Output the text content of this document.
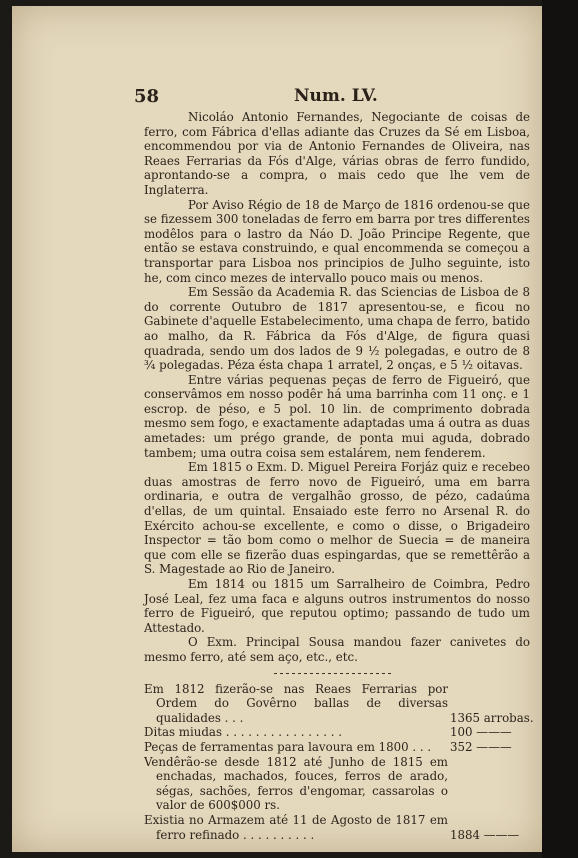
58	Num. LV.

Nicoláo Antonio Fernandes, Negociante de coisas de ferro, com Fábrica d'ellas adiante das Cruzes da Sé em Lisboa, encommendou por via de Antonio Fernandes de Oliveira, nas Reaes Ferrarias da Fós d'Alge, várias obras de ferro fundido, aprontando-se a compra, o mais cedo que lhe vem de Inglaterra.

Por Aviso Régio de 18 de Março de 1816 ordenou-se que se fizessem 300 toneladas de ferro em barra por tres differentes modêlos para o lastro da Náo D. João Principe Regente, que então se estava construindo, e qual encommenda se começou a transportar para Lisboa nos principios de Julho seguinte, isto he, com cinco mezes de intervallo pouco mais ou menos.

Em Sessão da Academia R. das Sciencias de Lisboa de 8 do corrente Outubro de 1817 apresentou-se, e ficou no Gabinete d'aquelle Estabelecimento, uma chapa de ferro, batido ao malho, da R. Fábrica da Fós d'Alge, de figura quasi quadrada, sendo um dos lados de 9 ½ polegadas, e outro de 8 ¾ polegadas. Péza ésta chapa 1 arratel, 2 onças, e 5 ½ oitavas.

Entre várias pequenas peças de ferro de Figueiró, que conservâmos em nosso podêr há uma barrinha com 11 onç. e 1 escrop. de péso, e 5 pol. 10 lin. de comprimento dobrada mesmo sem fogo, e exactamente adaptadas uma á outra as duas ametades: um prégo grande, de ponta mui aguda, dobrado tambem; uma outra coisa sem estalárem, nem fenderem.

Em 1815 o Exm. D. Miguel Pereira Forjáz quiz e recebeo duas amostras de ferro novo de Figueiró, uma em barra ordinaria, e outra de vergalhão grosso, de pézo, cadaúma d'ellas, de um quintal. Ensaiado este ferro no Arsenal R. do Exército achou-se excellente, e como o disse, o Brigadeiro Inspector = tão bom como o melhor de Suecia = de maneira que com elle se fizerão duas espingardas, que se remettêrão a S. Magestade ao Rio de Janeiro.

Em 1814 ou 1815 um Sarralheiro de Coimbra, Pedro José Leal, fez uma faca e alguns outros instrumentos do nosso ferro de Figueiró, que reputou optimo; passando de tudo um Attestado.

O Exm. Principal Sousa mandou fazer canivetes do mesmo ferro, até sem aço, etc., etc.

Em 1812 fizerão-se nas Reaes Ferrarias por Ordem do Govêrno ballas de diversas qualidades . . .	1365 arrobas.
Ditas miudas . . . . . . . . . . . . . . . .	100 ———
Peças de ferramentas para lavoura em 1800 . . .	352 ———
Vendêrão-se desde 1812 até Junho de 1815 em enchadas, machados, fouces, ferros de arado, ségas, sachões, ferros d'engomar, cassarolas o valor de 600$000 rs.
Existia no Armazem até 11 de Agosto de 1817 em ferro refinado . . . . . . . . . .	1884 ———
